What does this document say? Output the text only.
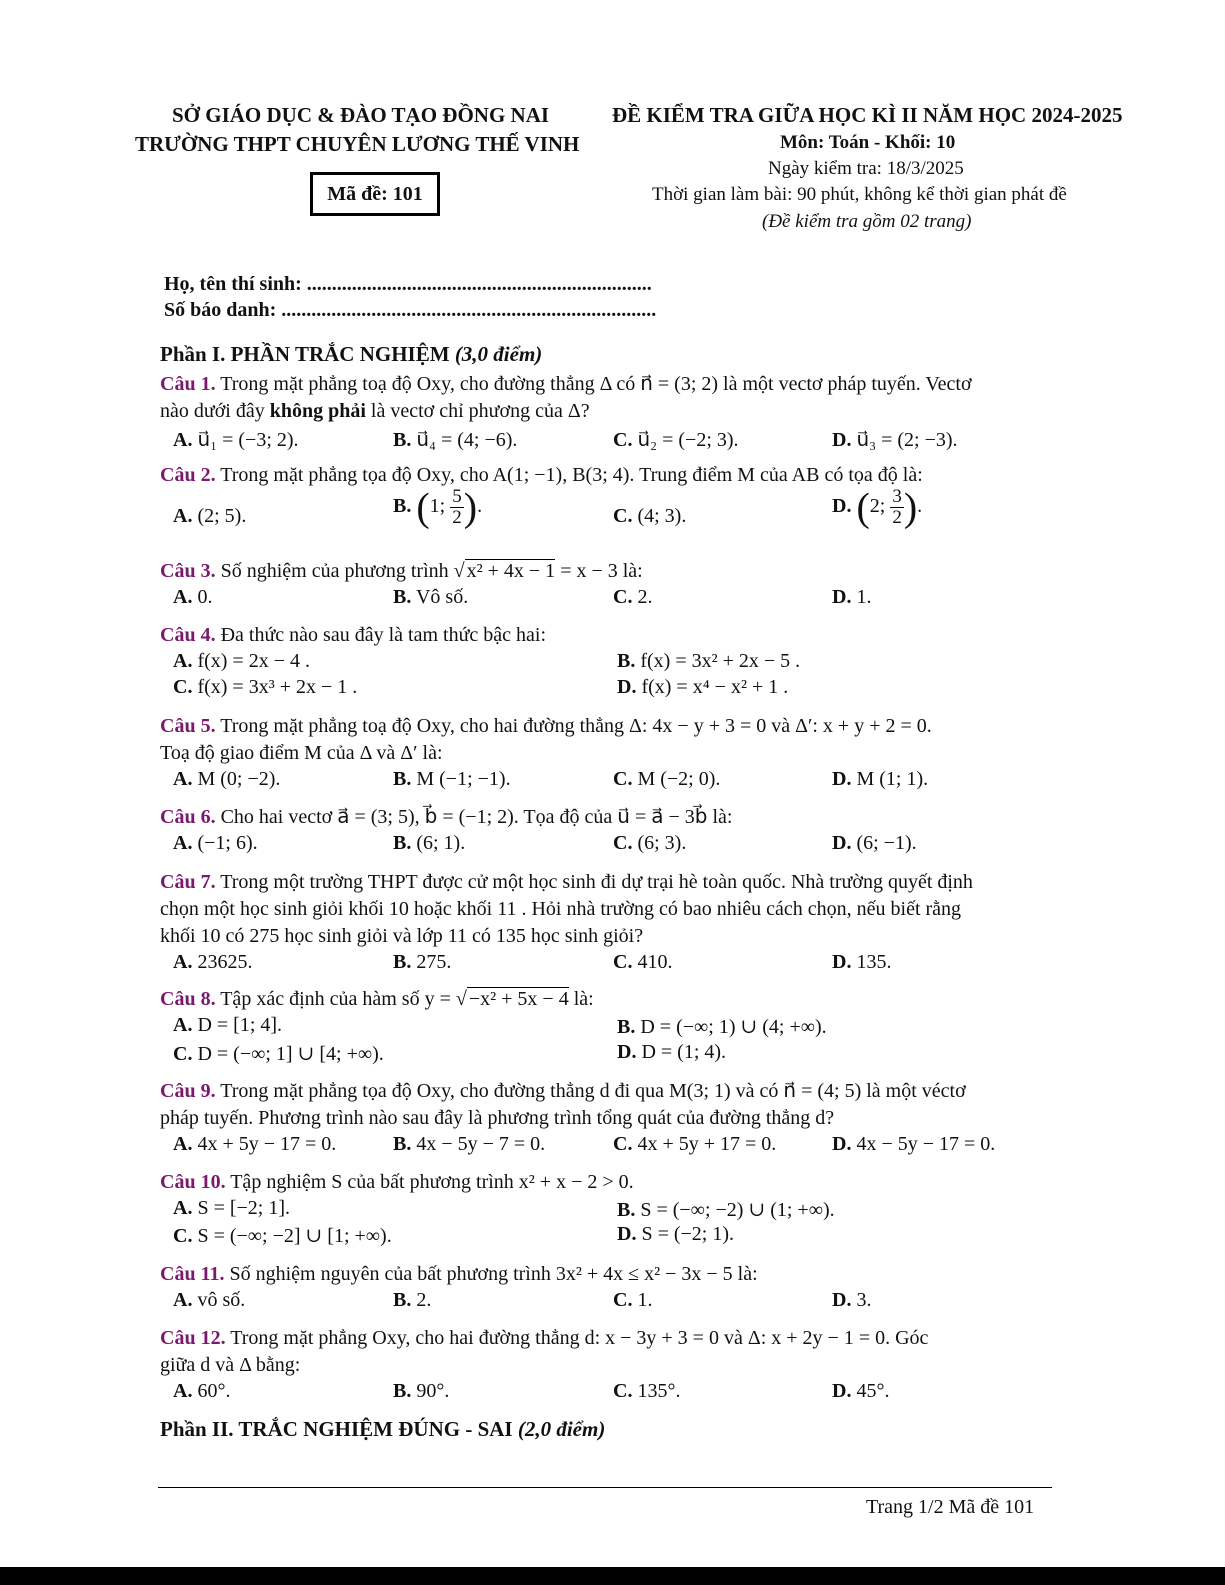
SỞ GIÁO DỤC & ĐÀO TẠO ĐỒNG NAI
TRƯỜNG THPT CHUYÊN LƯƠNG THẾ VINH
ĐỀ KIỂM TRA GIỮA HỌC KÌ II NĂM HỌC 2024-2025
Môn: Toán - Khối: 10
Ngày kiểm tra: 18/3/2025
Thời gian làm bài: 90 phút, không kể thời gian phát đề
(Đề kiểm tra gồm 02 trang)
Mã đề: 101
Họ, tên thí sinh: .....................................................................
Số báo danh: ...........................................................................
Phần I. PHẦN TRẮC NGHIỆM (3,0 điểm)
Câu 1. Trong mặt phẳng toạ độ Oxy, cho đường thẳng Δ có n⃗ = (3; 2) là một vectơ pháp tuyến. Vectơ
nào dưới đây không phải là vectơ chỉ phương của Δ?
A. u⃗₁ = (−3; 2).	B. u⃗₄ = (4; −6).	C. u⃗₂ = (−2; 3).	D. u⃗₃ = (2; −3).
Câu 2. Trong mặt phẳng tọa độ Oxy, cho A(1; −1), B(3; 4). Trung điểm M của AB có tọa độ là:
A. (2; 5).	B. (1; $\frac{5}{2}$ ).	C. (4; 3).	D. (2; $\frac{3}{2}$ ).
Câu 3. Số nghiệm của phương trình √ x² + 4x − 1 = x − 3 là:
A. 0.	B. Vô số.	C. 2.	D. 1.
Câu 4. Đa thức nào sau đây là tam thức bậc hai:
A. f(x) = 2x − 4 .	B. f(x) = 3x² + 2x − 5 .
C. f(x) = 3x³ + 2x − 1 .	D. f(x) = x⁴ − x² + 1 .
Câu 5. Trong mặt phẳng toạ độ Oxy, cho hai đường thẳng Δ: 4x − y + 3 = 0 và Δ′: x + y + 2 = 0.
Toạ độ giao điểm M của Δ và Δ′ là:
A. M (0; −2).	B. M (−1; −1).	C. M (−2; 0).	D. M (1; 1).
Câu 6. Cho hai vectơ a⃗ = (3; 5), b⃗ = (−1; 2). Tọa độ của u⃗ = a⃗ − 3b⃗ là:
A. (−1; 6).	B. (6; 1).	C. (6; 3).	D. (6; −1).
Câu 7. Trong một trường THPT được cử một học sinh đi dự trại hè toàn quốc. Nhà trường quyết định
chọn một học sinh giỏi khối 10 hoặc khối 11 . Hỏi nhà trường có bao nhiêu cách chọn, nếu biết rằng
khối 10 có 275 học sinh giỏi và lớp 11 có 135 học sinh giỏi?
A. 23625.	B. 275.	C. 410.	D. 135.
Câu 8. Tập xác định của hàm số y = √ −x² + 5x − 4 là:
A. D = [1; 4].	B. D = (−∞; 1) ∪ (4; +∞).
C. D = (−∞; 1] ∪ [4; +∞).	D. D = (1; 4).
Câu 9. Trong mặt phẳng tọa độ Oxy, cho đường thẳng d đi qua M(3; 1) và có n⃗ = (4; 5) là một véctơ
pháp tuyến. Phương trình nào sau đây là phương trình tổng quát của đường thẳng d?
A. 4x + 5y − 17 = 0.	B. 4x − 5y − 7 = 0.	C. 4x + 5y + 17 = 0.	D. 4x − 5y − 17 = 0.
Câu 10. Tập nghiệm S của bất phương trình x² + x − 2 > 0.
A. S = [−2; 1].	B. S = (−∞; −2) ∪ (1; +∞).
C. S = (−∞; −2] ∪ [1; +∞).	D. S = (−2; 1).
Câu 11. Số nghiệm nguyên của bất phương trình 3x² + 4x ≤ x² − 3x − 5 là:
A. vô số.	B. 2.	C. 1.	D. 3.
Câu 12. Trong mặt phẳng Oxy, cho hai đường thẳng d: x − 3y + 3 = 0 và Δ: x + 2y − 1 = 0. Góc
giữa d và Δ bằng:
A. 60°.	B. 90°.	C. 135°.	D. 45°.
Phần II. TRẮC NGHIỆM ĐÚNG - SAI (2,0 điểm)
Trang 1/2 Mã đề 101
